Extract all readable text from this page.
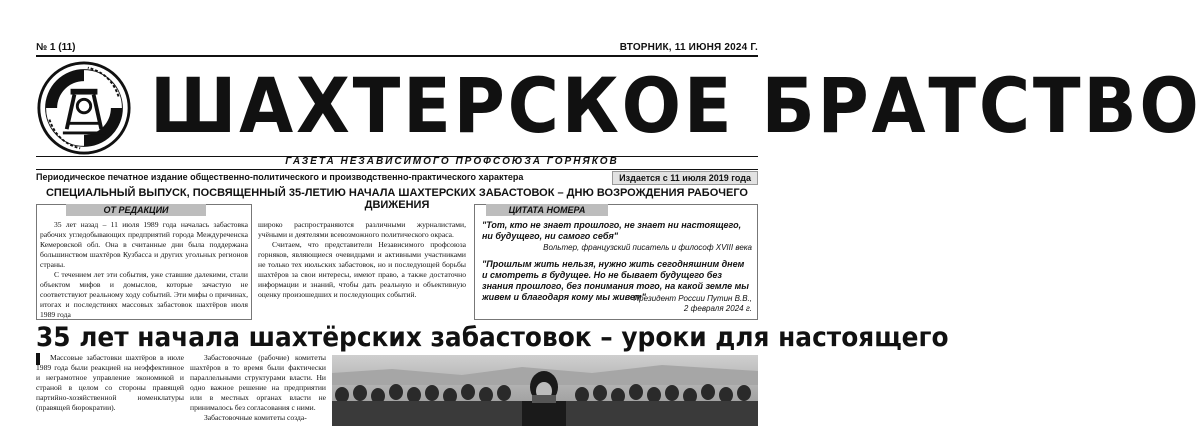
№ 1 (11)	ВТОРНИК, 11 ИЮНЯ 2024 Г.
ШАХТЕРСКОЕ БРАТСТВО
ГАЗЕТА НЕЗАВИСИМОГО ПРОФСОЮЗА ГОРНЯКОВ
Периодическое печатное издание общественно-политического и производственно-практического характера	Издается с 11 июля 2019 года
СПЕЦИАЛЬНЫЙ ВЫПУСК, ПОСВЯЩЕННЫЙ 35-ЛЕТИЮ НАЧАЛА ШАХТЕРСКИХ ЗАБАСТОВОК – ДНЮ ВОЗРОЖДЕНИЯ РАБОЧЕГО ДВИЖЕНИЯ
ОТ РЕДАКЦИИ

35 лет назад – 11 июля 1989 года началась забастовка рабочих угледобывающих предприятий города Междуреченска Кемеровской обл. Она в считанные дни была поддержана большинством шахтёров Кузбасса и других угольных регионов страны.

С течением лет эти события, уже ставшие далекими, стали объектом мифов и домыслов, которые зачастую не соответствуют реальному ходу событий. Эти мифы о причинах, итогах и последствиях массовых забастовок шахтёров июля 1989 года

широко распространяются различными журналистами, учёными и деятелями всевозможного политического окраса.

Считаем, что представители Независимого профсоюза горняков, являющиеся очевидцами и активными участниками не только тех июльских забастовок, но и последующей борьбы шахтёров за свои интересы, имеют право, а также достаточно информации и знаний, чтобы дать реальную и объективную оценку произошедших и последующих событий.

ЦИТАТА НОМЕРА
"Тот, кто не знает прошлого, не знает ни настоящего, ни будущего, ни самого себя"
Вольтер, французский писатель и философ XVIII века
"Прошлым жить нельзя, нужно жить сегодняшним днем и смотреть в будущее. Но не бывает будущего без знания прошлого, без понимания того, на какой земле мы живем и благодаря кому мы живем"
Президент России Путин В.В.,
2 февраля 2024 г.
35 лет начала шахтёрских забастовок – уроки для настоящего

Массовые забастовки шахтёров в июле 1989 года были реакцией на неэффективное и неграмотное управление экономикой и страной в целом со стороны правящей партийно-хозяйственной номенклатуры (правящей бюрократии).

Забастовочные (рабочие) комитеты шахтёров в то время были фактически параллельными структурами власти. Ни одно важное решение на предприятии или в местных органах власти не принималось без согласования с ними.

Забастовочные комитеты созда-
